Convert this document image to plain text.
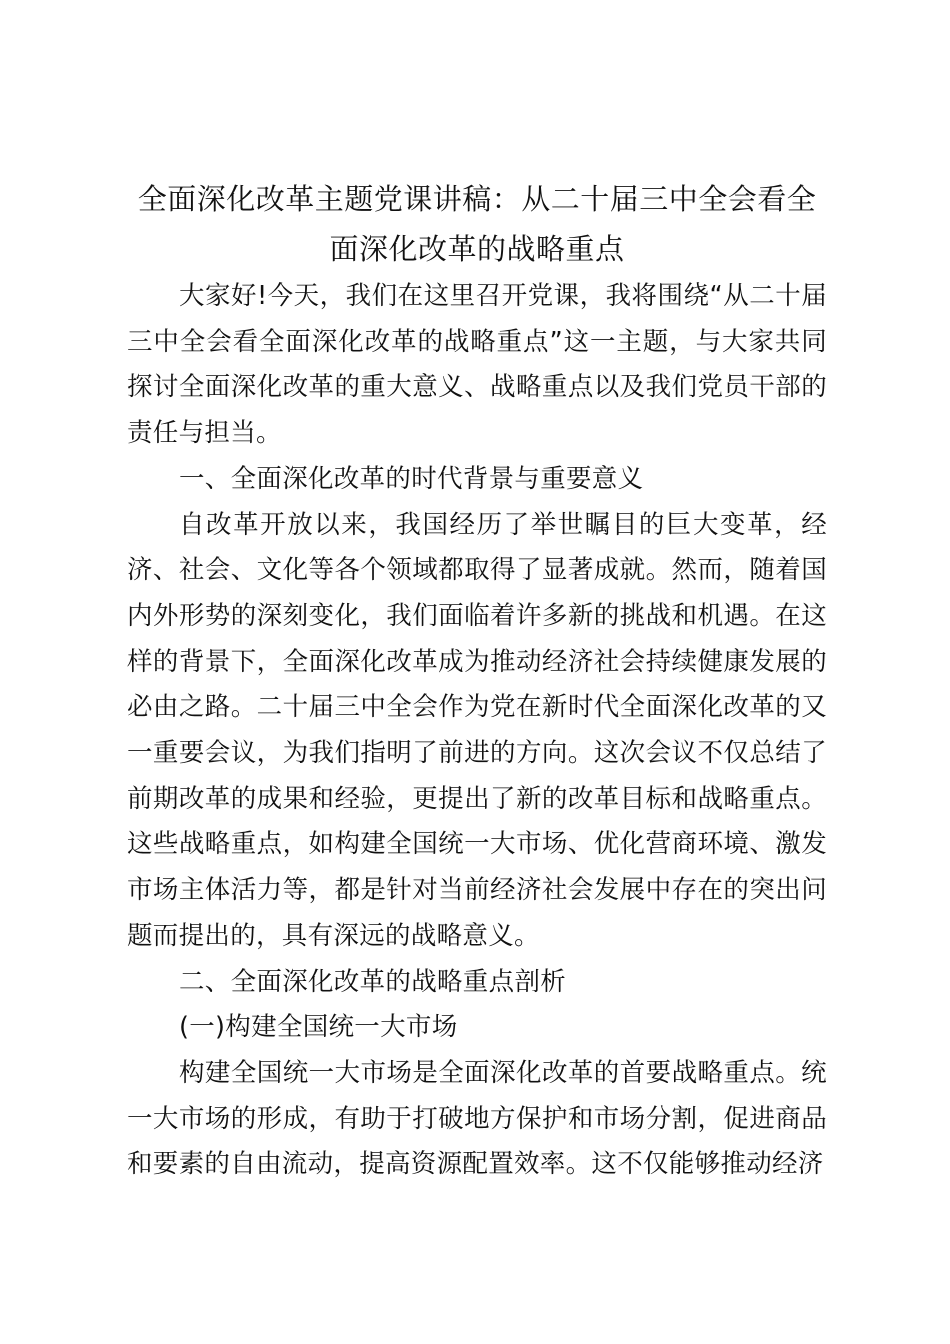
全面深化改革主题党课讲稿：从二十届三中全会看全面深化改革的战略重点

大家好!今天，我们在这里召开党课，我将围绕“从二十届三中全会看全面深化改革的战略重点”这一主题，与大家共同探讨全面深化改革的重大意义、战略重点以及我们党员干部的责任与担当。

一、全面深化改革的时代背景与重要意义

自改革开放以来，我国经历了举世瞩目的巨大变革，经济、社会、文化等各个领域都取得了显著成就。然而，随着国内外形势的深刻变化，我们面临着许多新的挑战和机遇。在这样的背景下，全面深化改革成为推动经济社会持续健康发展的必由之路。二十届三中全会作为党在新时代全面深化改革的又一重要会议，为我们指明了前进的方向。这次会议不仅总结了前期改革的成果和经验，更提出了新的改革目标和战略重点。这些战略重点，如构建全国统一大市场、优化营商环境、激发市场主体活力等，都是针对当前经济社会发展中存在的突出问题而提出的，具有深远的战略意义。

二、全面深化改革的战略重点剖析

(一)构建全国统一大市场

构建全国统一大市场是全面深化改革的首要战略重点。统一大市场的形成，有助于打破地方保护和市场分割，促进商品和要素的自由流动，提高资源配置效率。这不仅能够推动经济
